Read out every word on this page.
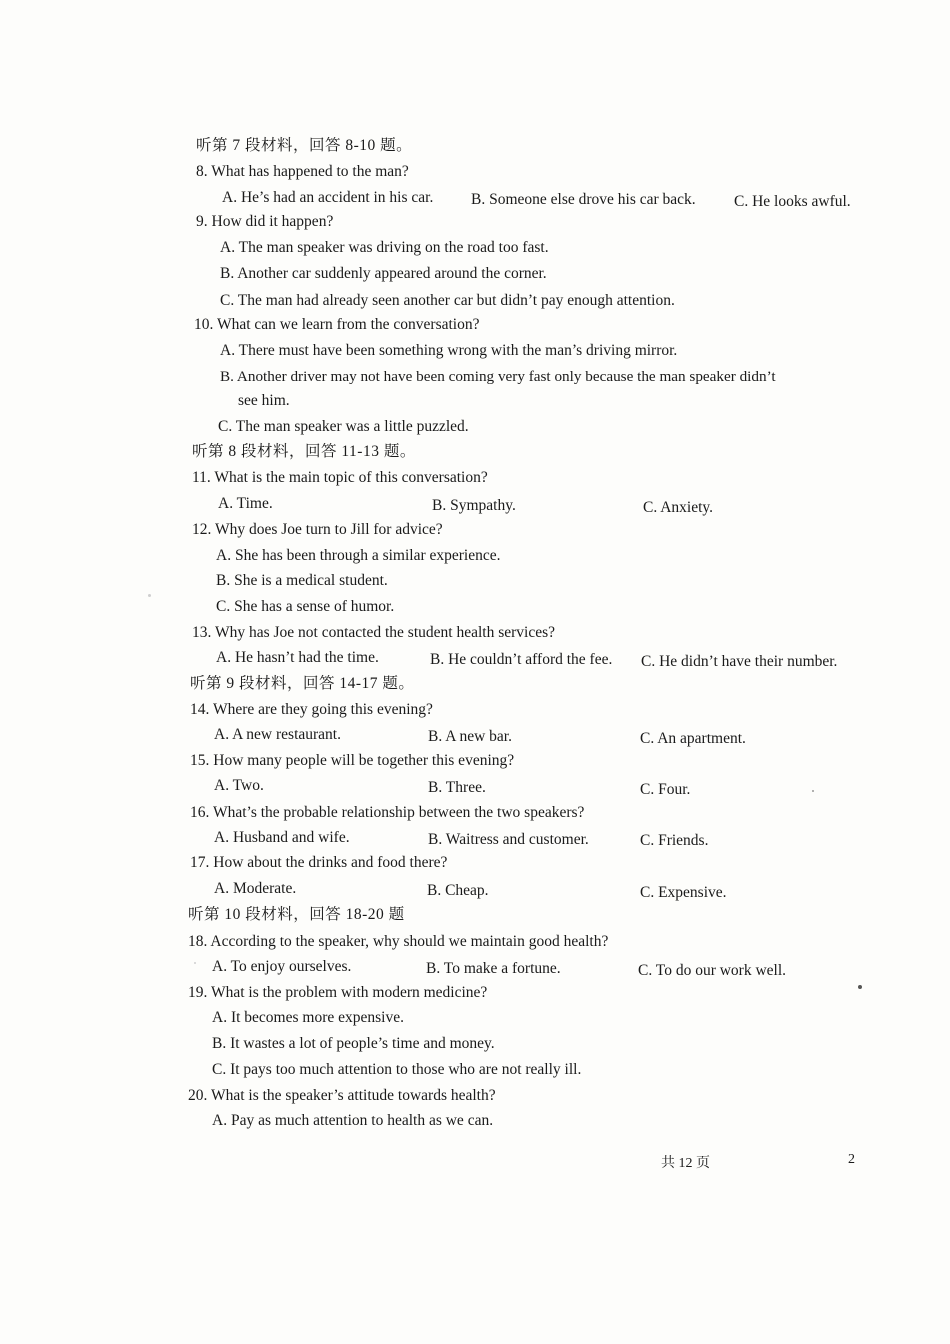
听第 7 段材料，回答 8-10 题。
8. What has happened to the man?
A. He’s had an accident in his car. B. Someone else drove his car back. C. He looks awful.
9. How did it happen?
A. The man speaker was driving on the road too fast.
B. Another car suddenly appeared around the corner.
C. The man had already seen another car but didn’t pay enough attention.
10. What can we learn from the conversation?
A. There must have been something wrong with the man’s driving mirror.
B. Another driver may not have been coming very fast only because the man speaker didn’t
see him.
C. The man speaker was a little puzzled.
听第 8 段材料，回答 11-13 题。
11. What is the main topic of this conversation?
A. Time.	B. Sympathy.	C. Anxiety.
12. Why does Joe turn to Jill for advice?
A. She has been through a similar experience.
B. She is a medical student.
C. She has a sense of humor.
13. Why has Joe not contacted the student health services?
A. He hasn’t had the time.	B. He couldn’t afford the fee. C. He didn’t have their number.
听第 9 段材料，回答 14-17 题。
14. Where are they going this evening?
A. A new restaurant.	B. A new bar.	C. An apartment.
15. How many people will be together this evening?
A. Two.	B. Three.	C. Four.
16. What’s the probable relationship between the two speakers?
A. Husband and wife.	B. Waitress and customer.	C. Friends.
17. How about the drinks and food there?
A. Moderate.	B. Cheap.	C. Expensive.
听第 10 段材料，回答 18-20 题
18. According to the speaker, why should we maintain good health?
A. To enjoy ourselves.	B. To make a fortune.	C. To do our work well.
19. What is the problem with modern medicine?
A. It becomes more expensive.
B. It wastes a lot of people’s time and money.
C. It pays too much attention to those who are not really ill.
20. What is the speaker’s attitude towards health?
A. Pay as much attention to health as we can.
共 12 页	2
